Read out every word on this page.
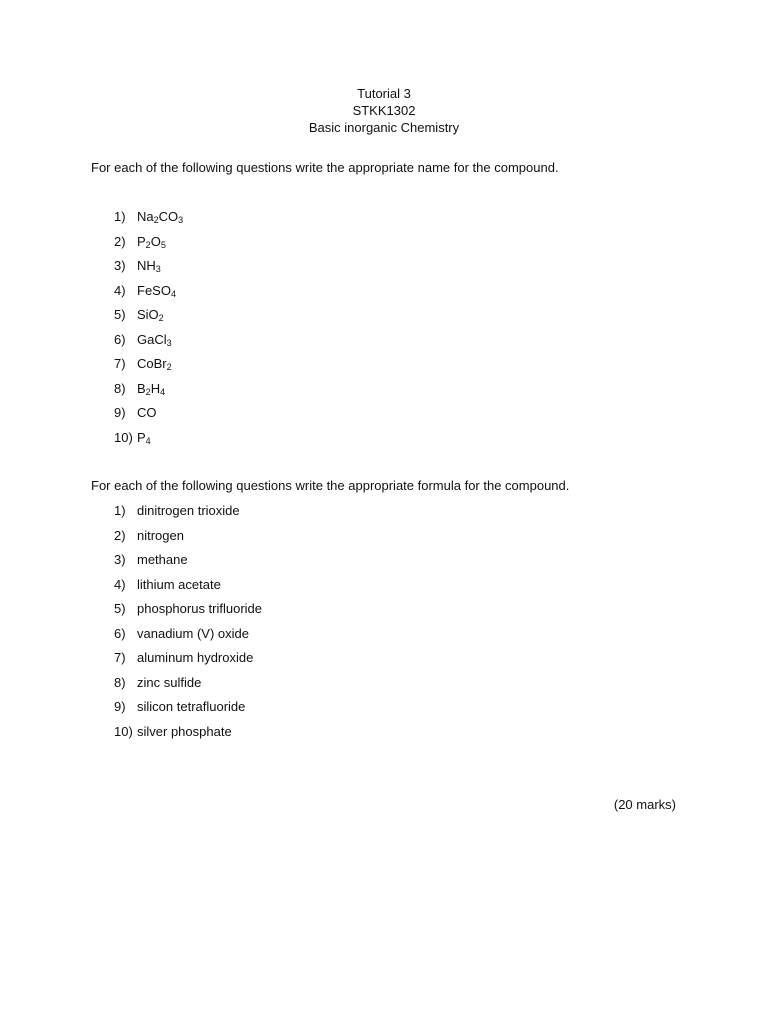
Tutorial 3
STKK1302
Basic inorganic Chemistry
For each of the following questions write the appropriate name for the compound.
1) $Na_2CO_3$
2) $P_2O_5$
3) $NH_3$
4) FeSO$_4$
5) SiO$_2$
6) GaCl$_3$
7) CoBr$_2$
8) $B_2H_4$
9) CO
10) $P_4$
For each of the following questions write the appropriate formula for the compound.
1) dinitrogen trioxide
2) nitrogen
3) methane
4) lithium acetate
5) phosphorus trifluoride
6) vanadium (V) oxide
7) aluminum hydroxide
8) zinc sulfide
9) silicon tetrafluoride
10) silver phosphate
(20 marks)
